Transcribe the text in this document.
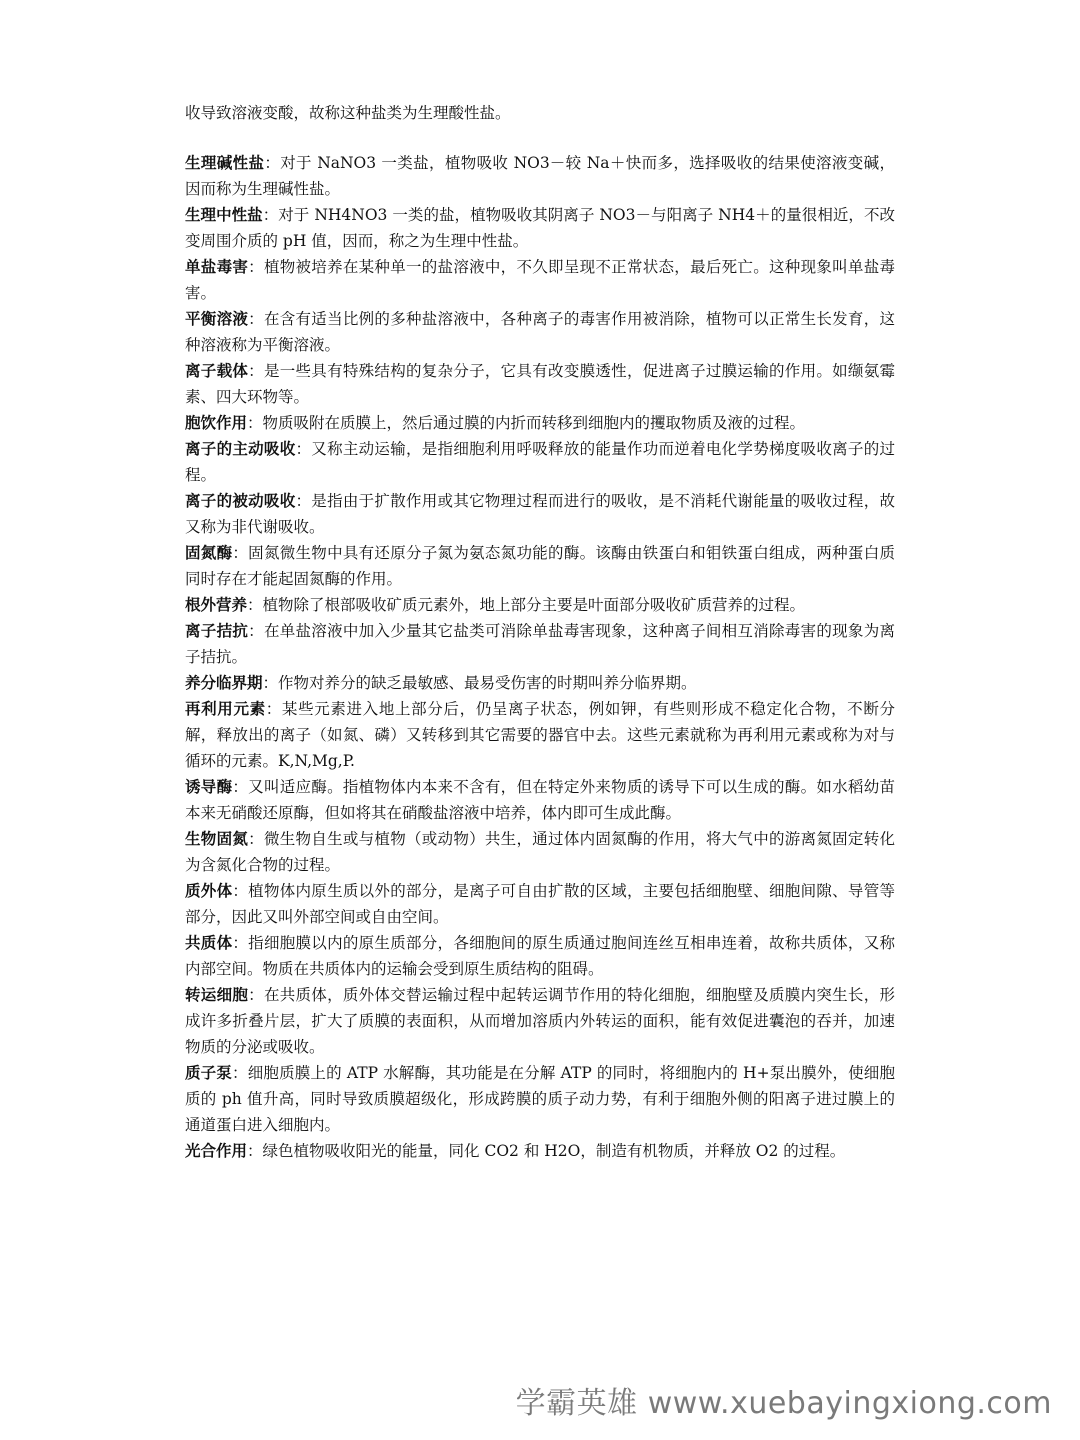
收导致溶液变酸，故称这种盐类为生理酸性盐。

生理碱性盐：对于 NaNO3 一类盐，植物吸收 NO3－较 Na＋快而多，选择吸收的结果使溶液变碱，因而称为生理碱性盐。

生理中性盐：对于 NH4NO3 一类的盐，植物吸收其阴离子 NO3－与阳离子 NH4＋的量很相近，不改变周围介质的 pH 值，因而，称之为生理中性盐。

单盐毒害：植物被培养在某种单一的盐溶液中，不久即呈现不正常状态，最后死亡。这种现象叫单盐毒害。

平衡溶液：在含有适当比例的多种盐溶液中，各种离子的毒害作用被消除，植物可以正常生长发育，这种溶液称为平衡溶液。

离子载体：是一些具有特殊结构的复杂分子，它具有改变膜透性，促进离子过膜运输的作用。如缬氨霉素、四大环物等。

胞饮作用：物质吸附在质膜上，然后通过膜的内折而转移到细胞内的攫取物质及液的过程。

离子的主动吸收：又称主动运输，是指细胞利用呼吸释放的能量作功而逆着电化学势梯度吸收离子的过程。

离子的被动吸收：是指由于扩散作用或其它物理过程而进行的吸收，是不消耗代谢能量的吸收过程，故又称为非代谢吸收。

固氮酶：固氮微生物中具有还原分子氮为氨态氮功能的酶。该酶由铁蛋白和钼铁蛋白组成，两种蛋白质同时存在才能起固氮酶的作用。

根外营养：植物除了根部吸收矿质元素外，地上部分主要是叶面部分吸收矿质营养的过程。

离子拮抗：在单盐溶液中加入少量其它盐类可消除单盐毒害现象，这种离子间相互消除毒害的现象为离子拮抗。

养分临界期：作物对养分的缺乏最敏感、最易受伤害的时期叫养分临界期。

再利用元素：某些元素进入地上部分后，仍呈离子状态，例如钾，有些则形成不稳定化合物，不断分解，释放出的离子（如氮、磷）又转移到其它需要的器官中去。这些元素就称为再利用元素或称为对与循环的元素。K,N,Mg,P.

诱导酶：又叫适应酶。指植物体内本来不含有，但在特定外来物质的诱导下可以生成的酶。如水稻幼苗本来无硝酸还原酶，但如将其在硝酸盐溶液中培养，体内即可生成此酶。

生物固氮：微生物自生或与植物（或动物）共生，通过体内固氮酶的作用，将大气中的游离氮固定转化为含氮化合物的过程。

质外体：植物体内原生质以外的部分，是离子可自由扩散的区域，主要包括细胞壁、细胞间隙、导管等部分，因此又叫外部空间或自由空间。

共质体：指细胞膜以内的原生质部分，各细胞间的原生质通过胞间连丝互相串连着，故称共质体，又称内部空间。物质在共质体内的运输会受到原生质结构的阻碍。

转运细胞：在共质体，质外体交替运输过程中起转运调节作用的特化细胞，细胞壁及质膜内突生长，形成许多折叠片层，扩大了质膜的表面积，从而增加溶质内外转运的面积，能有效促进囊泡的吞并，加速物质的分泌或吸收。

质子泵：细胞质膜上的 ATP 水解酶，其功能是在分解 ATP 的同时，将细胞内的 H+泵出膜外，使细胞质的 ph 值升高，同时导致质膜超级化，形成跨膜的质子动力势，有利于细胞外侧的阳离子进过膜上的通道蛋白进入细胞内。

光合作用：绿色植物吸收阳光的能量，同化 CO2 和 H2O，制造有机物质，并释放 O2 的过程。

学霸英雄 www.xuebayingxiong.com
